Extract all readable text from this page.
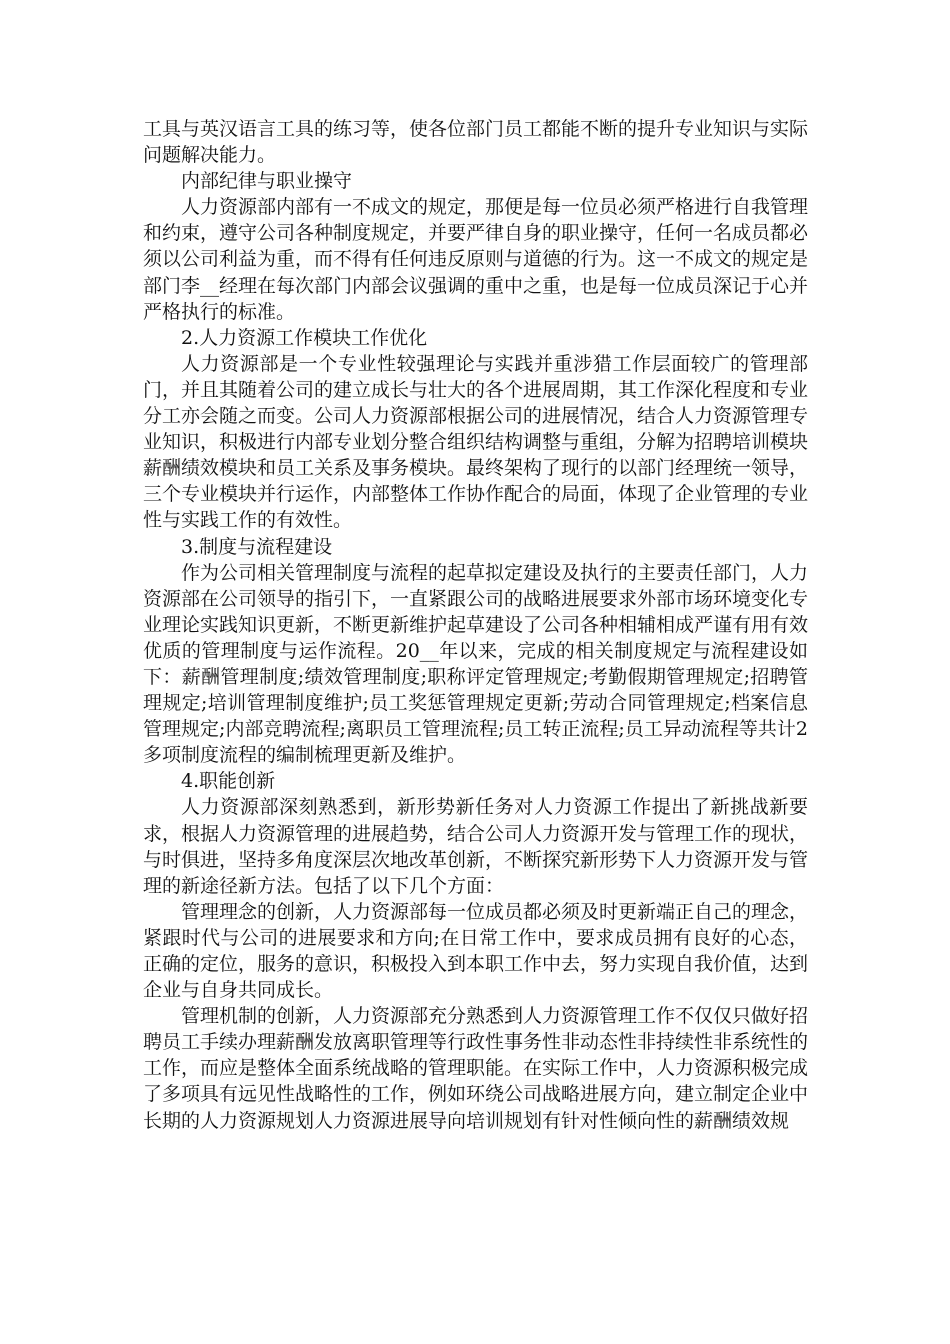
工具与英汉语言工具的练习等，使各位部门员工都能不断的提升专业知识与实际问题解决能力。

内部纪律与职业操守

人力资源部内部有一不成文的规定，那便是每一位员必须严格进行自我管理和约束，遵守公司各种制度规定，并要严律自身的职业操守，任何一名成员都必须以公司利益为重，而不得有任何违反原则与道德的行为。这一不成文的规定是部门李__经理在每次部门内部会议强调的重中之重，也是每一位成员深记于心并严格执行的标准。

2.人力资源工作模块工作优化

人力资源部是一个专业性较强理论与实践并重涉猎工作层面较广的管理部门，并且其随着公司的建立成长与壮大的各个进展周期，其工作深化程度和专业分工亦会随之而变。公司人力资源部根据公司的进展情况，结合人力资源管理专业知识，积极进行内部专业划分整合组织结构调整与重组，分解为招聘培训模块薪酬绩效模块和员工关系及事务模块。最终架构了现行的以部门经理统一领导，三个专业模块并行运作，内部整体工作协作配合的局面，体现了企业管理的专业性与实践工作的有效性。

3.制度与流程建设

作为公司相关管理制度与流程的起草拟定建设及执行的主要责任部门，人力资源部在公司领导的指引下，一直紧跟公司的战略进展要求外部市场环境变化专业理论实践知识更新，不断更新维护起草建设了公司各种相辅相成严谨有用有效优质的管理制度与运作流程。20__年以来，完成的相关制度规定与流程建设如下：薪酬管理制度;绩效管理制度;职称评定管理规定;考勤假期管理规定;招聘管理规定;培训管理制度维护;员工奖惩管理规定更新;劳动合同管理规定;档案信息管理规定;内部竞聘流程;离职员工管理流程;员工转正流程;员工异动流程等共计2多项制度流程的编制梳理更新及维护。

4.职能创新

人力资源部深刻熟悉到，新形势新任务对人力资源工作提出了新挑战新要求，根据人力资源管理的进展趋势，结合公司人力资源开发与管理工作的现状，与时俱进，坚持多角度深层次地改革创新，不断探究新形势下人力资源开发与管理的新途径新方法。包括了以下几个方面：

管理理念的创新，人力资源部每一位成员都必须及时更新端正自己的理念，紧跟时代与公司的进展要求和方向;在日常工作中，要求成员拥有良好的心态，正确的定位，服务的意识，积极投入到本职工作中去，努力实现自我价值，达到企业与自身共同成长。

管理机制的创新，人力资源部充分熟悉到人力资源管理工作不仅仅只做好招聘员工手续办理薪酬发放离职管理等行政性事务性非动态性非持续性非系统性的工作，而应是整体全面系统战略的管理职能。在实际工作中，人力资源积极完成了多项具有远见性战略性的工作，例如环绕公司战略进展方向，建立制定企业中长期的人力资源规划人力资源进展导向培训规划有针对性倾向性的薪酬绩效规
